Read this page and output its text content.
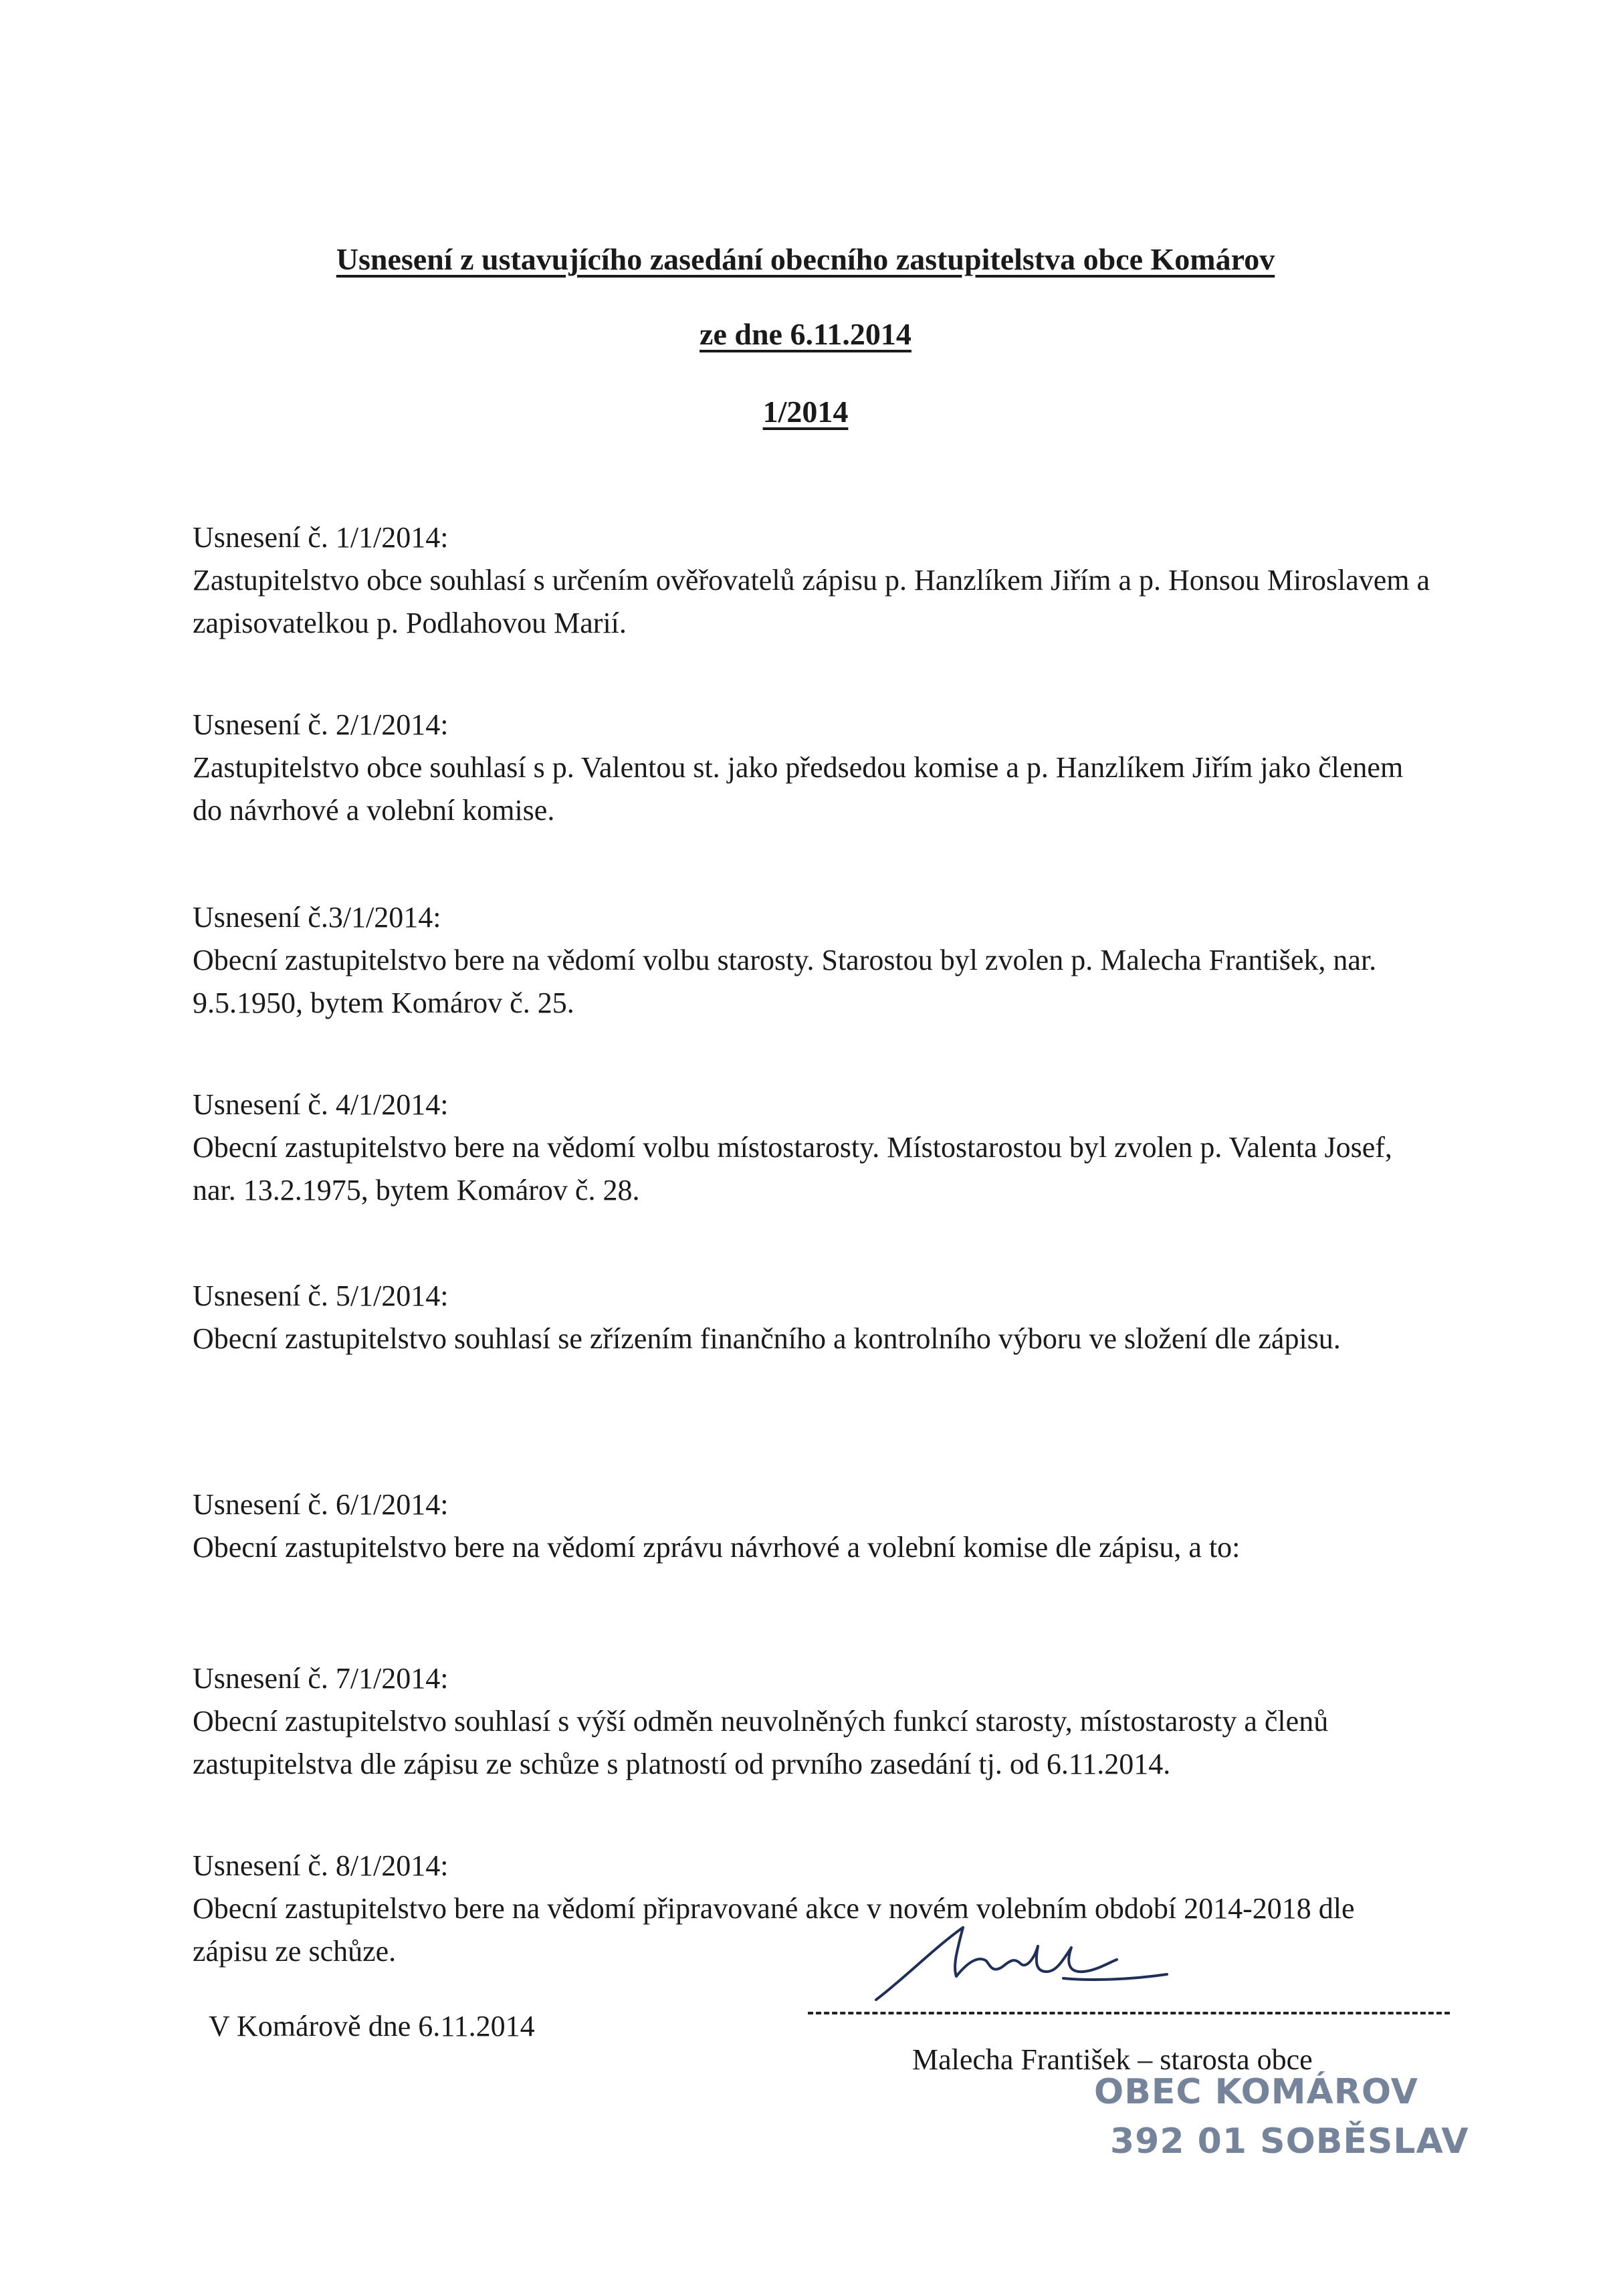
Usnesení z ustavujícího zasedání obecního zastupitelstva obce Komárov
ze dne 6.11.2014
1/2014
Usnesení č. 1/1/2014:
Zastupitelstvo obce souhlasí s určením ověřovatelů zápisu p. Hanzlíkem Jiřím a p. Honsou Miroslavem a zapisovatelkou p. Podlahovou Marií.
Usnesení č. 2/1/2014:
Zastupitelstvo obce souhlasí s p. Valentou st. jako předsedou komise a p. Hanzlíkem Jiřím jako členem do návrhové a volební komise.
Usnesení č.3/1/2014:
Obecní zastupitelstvo bere na vědomí volbu starosty. Starostou byl zvolen p. Malecha František, nar. 9.5.1950, bytem Komárov č. 25.
Usnesení č. 4/1/2014:
Obecní zastupitelstvo bere na vědomí volbu místostarosty. Místostarostou byl zvolen p. Valenta Josef, nar. 13.2.1975, bytem Komárov č. 28.
Usnesení č. 5/1/2014:
Obecní zastupitelstvo souhlasí se zřízením finančního a kontrolního výboru ve složení dle zápisu.
Usnesení č. 6/1/2014:
Obecní zastupitelstvo bere na vědomí zprávu návrhové a volební komise dle zápisu, a to:
Usnesení č. 7/1/2014:
Obecní zastupitelstvo souhlasí s výší odměn neuvolněných funkcí starosty, místostarosty a členů zastupitelstva dle zápisu ze schůze s platností od prvního zasedání tj. od 6.11.2014.
Usnesení č. 8/1/2014:
Obecní zastupitelstvo bere na vědomí připravované akce v novém volebním období 2014-2018 dle zápisu ze schůze.
V Komárově dne 6.11.2014
Malecha František – starosta obce
OBEC KOMÁROV
392 01 SOBĚSLAV
